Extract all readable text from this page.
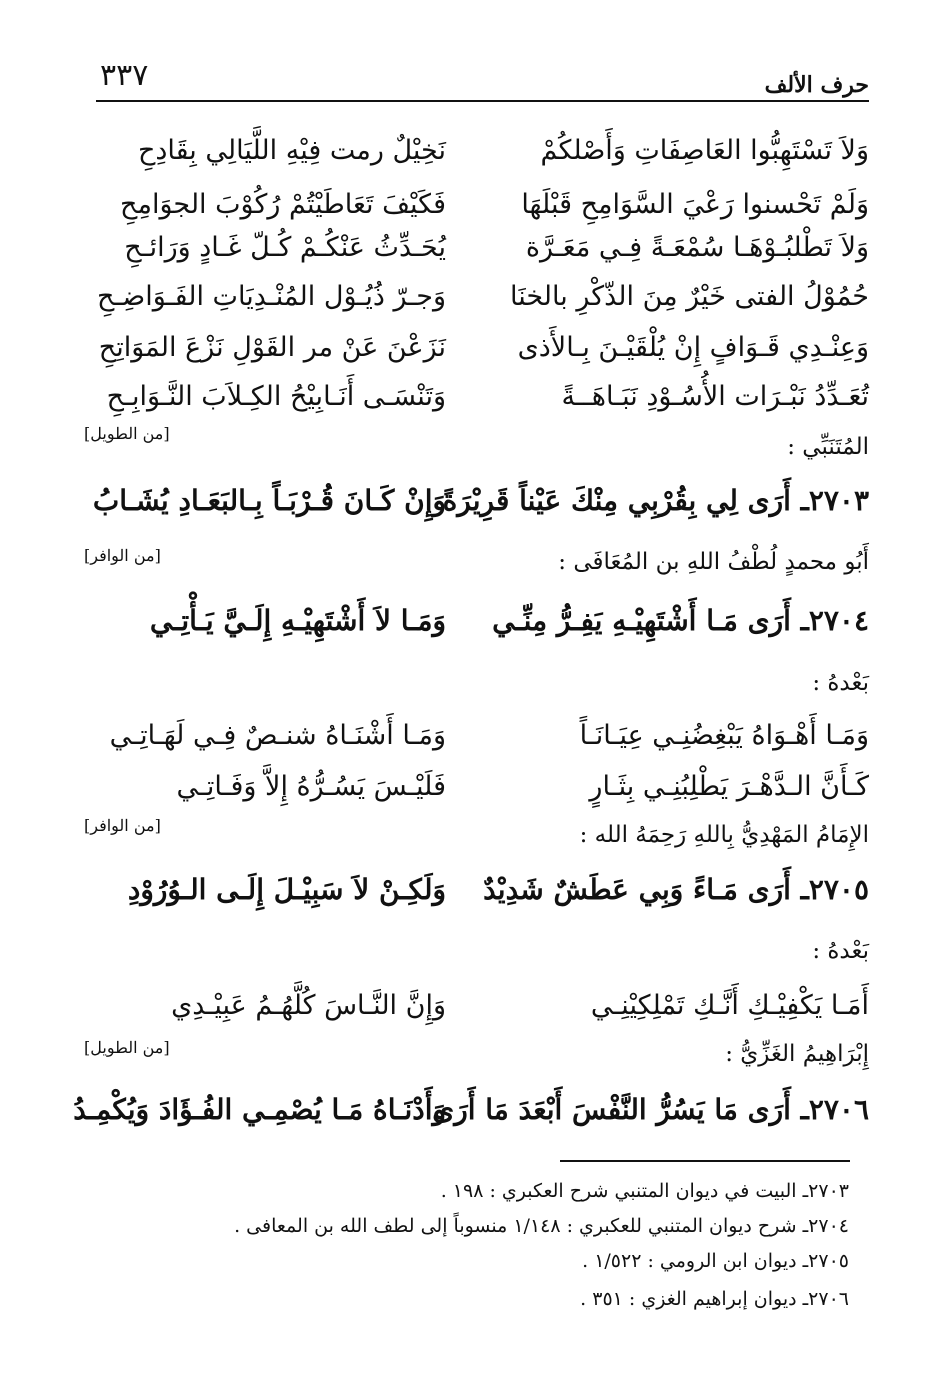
حرف الألف
٣٣٧
وَلاَ تَسْتَهِبُّوا العَاصِفَاتِ وَأَصْلكُمْ
نَخِيْلٌ رمت فِيْهِ اللَّيَالِي بِقَادِحِ
وَلَمْ تَحْسنوا رَعْيَ السَّوَامِحِ قَبْلَهَا
فَكَيْفَ تَعَاطَيْتُمْ رُكُوْبَ الجوَامِحِ
وَلاَ تَطْلبُـوْهَـا سُمْعَـةً فِـي مَعَـرَّة
يُحَـدِّثُ عَنْكُـمْ كُـلّ غَـادٍ وَرَائـحِ
حُمُوْلُ الفتى خَيْرٌ مِنَ الذّكْرِ بالخنَا
وَجـرّ ذُيُـوْل المُنْـدِيَاتِ الفَـوَاضِـحِ
وَعِنْـدِي قَـوَافٍ إِنْ يُلْقَيْـنَ بِـالأَذى
نَزَعْنَ عَنْ مر القَوْلِ نَزْعَ المَوَاتِحِ
تُعَـدِّدُ نَبْـرَات الأُسُـوْدِ نَبَـاهَــةً
وَتَنْسَـى أَنَـابِيْحُ الكِـلاَبَ النَّـوَابِـحِ
[من الطويل]
المُتَنَبِّي :
٢٧٠٣ـ أَرَى لِي بِقُرْبِي مِنْكَ عَيْناً قَرِيْرَةً
وَإِنْ كَـانَ قُـرْبَـاً بِـالبَعَـادِ يُشَـابُ
[من الوافر]	أَبُو محمدٍ لُطْفُ اللهِ بن المُعَافَى :
٢٧٠٤ـ أَرَى مَـا أَشْتَهِيْـهِ يَفِـرُّ مِنِّـي
وَمَـا لاَ أَشْتَهِيْـهِ إِلَـيَّ يَـأْتِـي
بَعْدهُ :
وَمَـا أَهْـوَاهُ يَبْغِضُنِـي عِيَـانَـاً
وَمَـا أَشْنَـاهُ شنـصٌ فِـي لَهَـاتِـي
كَـأَنَّ الـدَّهْـرَ يَطْلِبُنِـي بِثَـارٍ
فَلَيْـسَ يَسُـرُّهُ إِلاَّ وَفَـاتِـي
[من الوافر]	الإِمَامُ المَهْدِيُّ بِاللهِ رَحِمَهُ الله :
٢٧٠٥ـ أَرَى مَـاءً وَبِي عَطَشٌ شَدِيْدٌ
وَلَكِـنْ لاَ سَبِيْـلَ إِلَـى الـوُرُوْدِ
بَعْدهُ :
أَمَـا يَكْفِيْـكِ أَنَّـكِ تَمْلِكِيْنِـي
وَإِنَّ النَّـاسَ كُلَّهُـمُ عَبِيْـدِي
[من الطويل]	إِبْرَاهِيمُ الغَزِّيُّ :
٢٧٠٦ـ أَرَى مَا يَسُرُّ النَّفْسَ أَبْعَدَ مَا أَرَى
وَأَدْنَـاهُ مَـا يُصْمِـي الفُـؤَادَ وَيُكْمِـدُ
٢٧٠٣ـ البيت في ديوان المتنبي شرح العكبري : ١٩٨ .
٢٧٠٤ـ شرح ديوان المتنبي للعكبري : ١/١٤٨ منسوباً إلى لطف الله بن المعافى .
٢٧٠٥ـ ديوان ابن الرومي : ١/٥٢٢ .
٢٧٠٦ـ ديوان إبراهيم الغزي : ٣٥١ .
